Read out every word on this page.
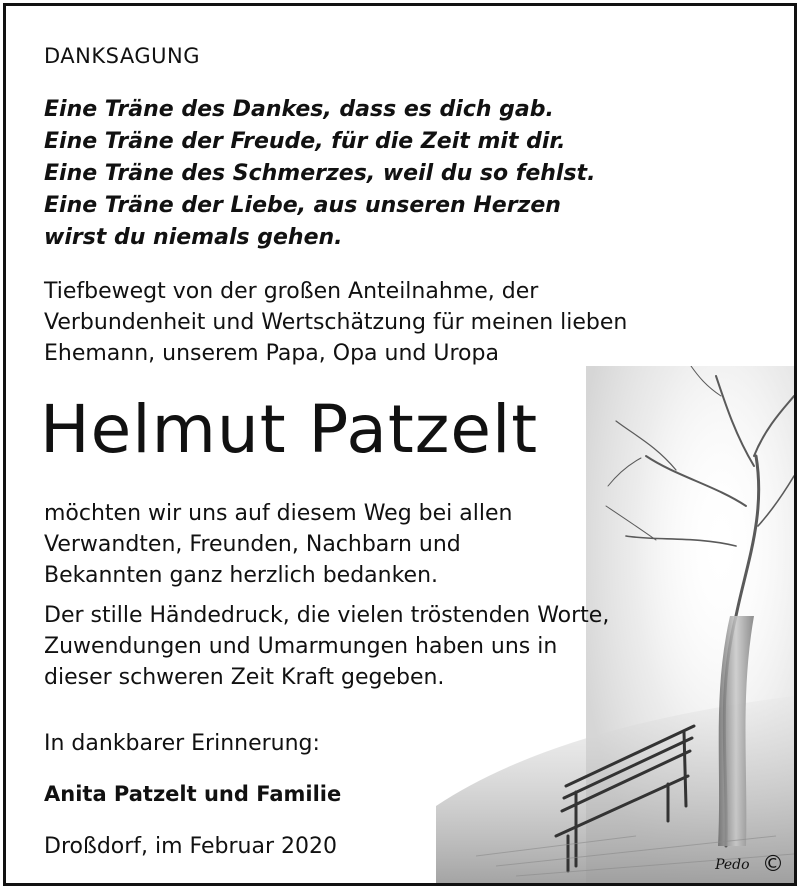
DANKSAGUNG
Eine Träne des Dankes, dass es dich gab.
Eine Träne der Freude, für die Zeit mit dir.
Eine Träne des Schmerzes, weil du so fehlst.
Eine Träne der Liebe, aus unseren Herzen
wirst du niemals gehen.
Tiefbewegt von der großen Anteilnahme, der
Verbundenheit und Wertschätzung für meinen lieben
Ehemann, unserem Papa, Opa und Uropa
Helmut Patzelt
möchten wir uns auf diesem Weg bei allen
Verwandten, Freunden, Nachbarn und
Bekannten ganz herzlich bedanken.
Der stille Händedruck, die vielen tröstenden Worte,
Zuwendungen und Umarmungen haben uns in
dieser schweren Zeit Kraft gegeben.
In dankbarer Erinnerung:
Anita Patzelt und Familie
Droßdorf, im Februar 2020
Pedo ©
